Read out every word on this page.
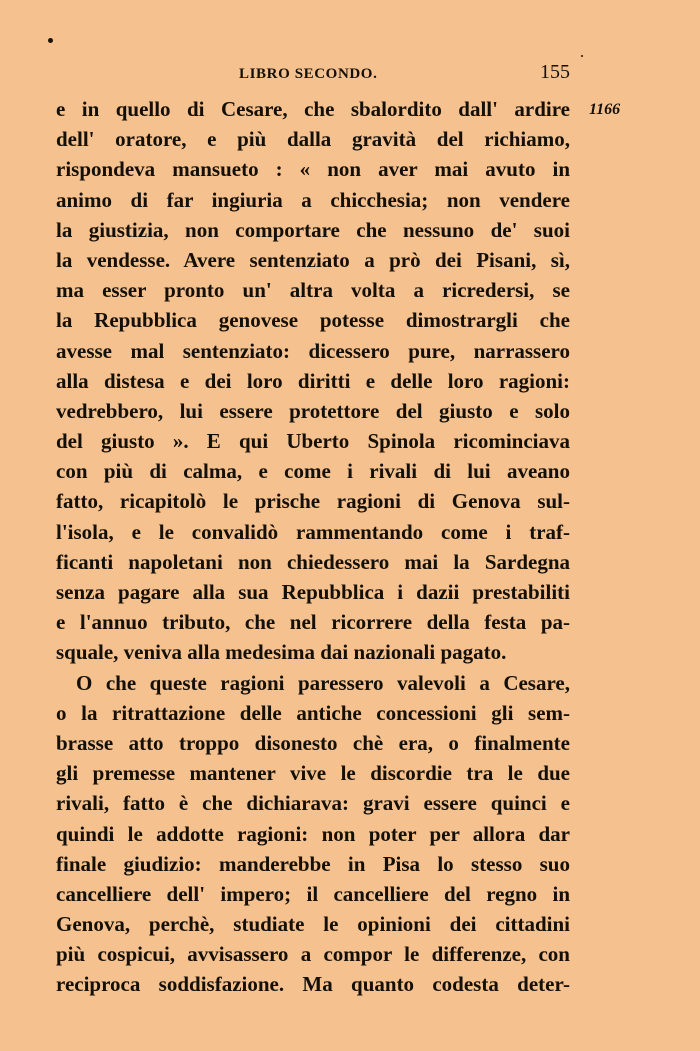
LIBRO SECONDO.	155
1166
e in quello di Cesare, che sbalordito dall' ardire
dell' oratore, e più dalla gravità del richiamo,
rispondeva mansueto : « non aver mai avuto in
animo di far ingiuria a chicchesia; non vendere
la giustizia, non comportare che nessuno de' suoi
la vendesse. Avere sentenziato a prò dei Pisani, sì,
ma esser pronto un' altra volta a ricredersi, se
la Repubblica genovese potesse dimostrargli che
avesse mal sentenziato: dicessero pure, narrassero
alla distesa e dei loro diritti e delle loro ragioni:
vedrebbero, lui essere protettore del giusto e solo
del giusto ». E qui Uberto Spinola ricominciava
con più di calma, e come i rivali di lui aveano
fatto, ricapitolò le prische ragioni di Genova sul-
l'isola, e le convalidò rammentando come i traf-
ficanti napoletani non chiedessero mai la Sardegna
senza pagare alla sua Repubblica i dazii prestabiliti
e l'annuo tributo, che nel ricorrere della festa pa-
squale, veniva alla medesima dai nazionali pagato.
O che queste ragioni paressero valevoli a Cesare,
o la ritrattazione delle antiche concessioni gli sem-
brasse atto troppo disonesto chè era, o finalmente
gli premesse mantener vive le discordie tra le due
rivali, fatto è che dichiarava: gravi essere quinci e
quindi le addotte ragioni: non poter per allora dar
finale giudizio: manderebbe in Pisa lo stesso suo
cancelliere dell' impero; il cancelliere del regno in
Genova, perchè, studiate le opinioni dei cittadini
più cospicui, avvisassero a compor le differenze, con
reciproca soddisfazione. Ma quanto codesta deter-
